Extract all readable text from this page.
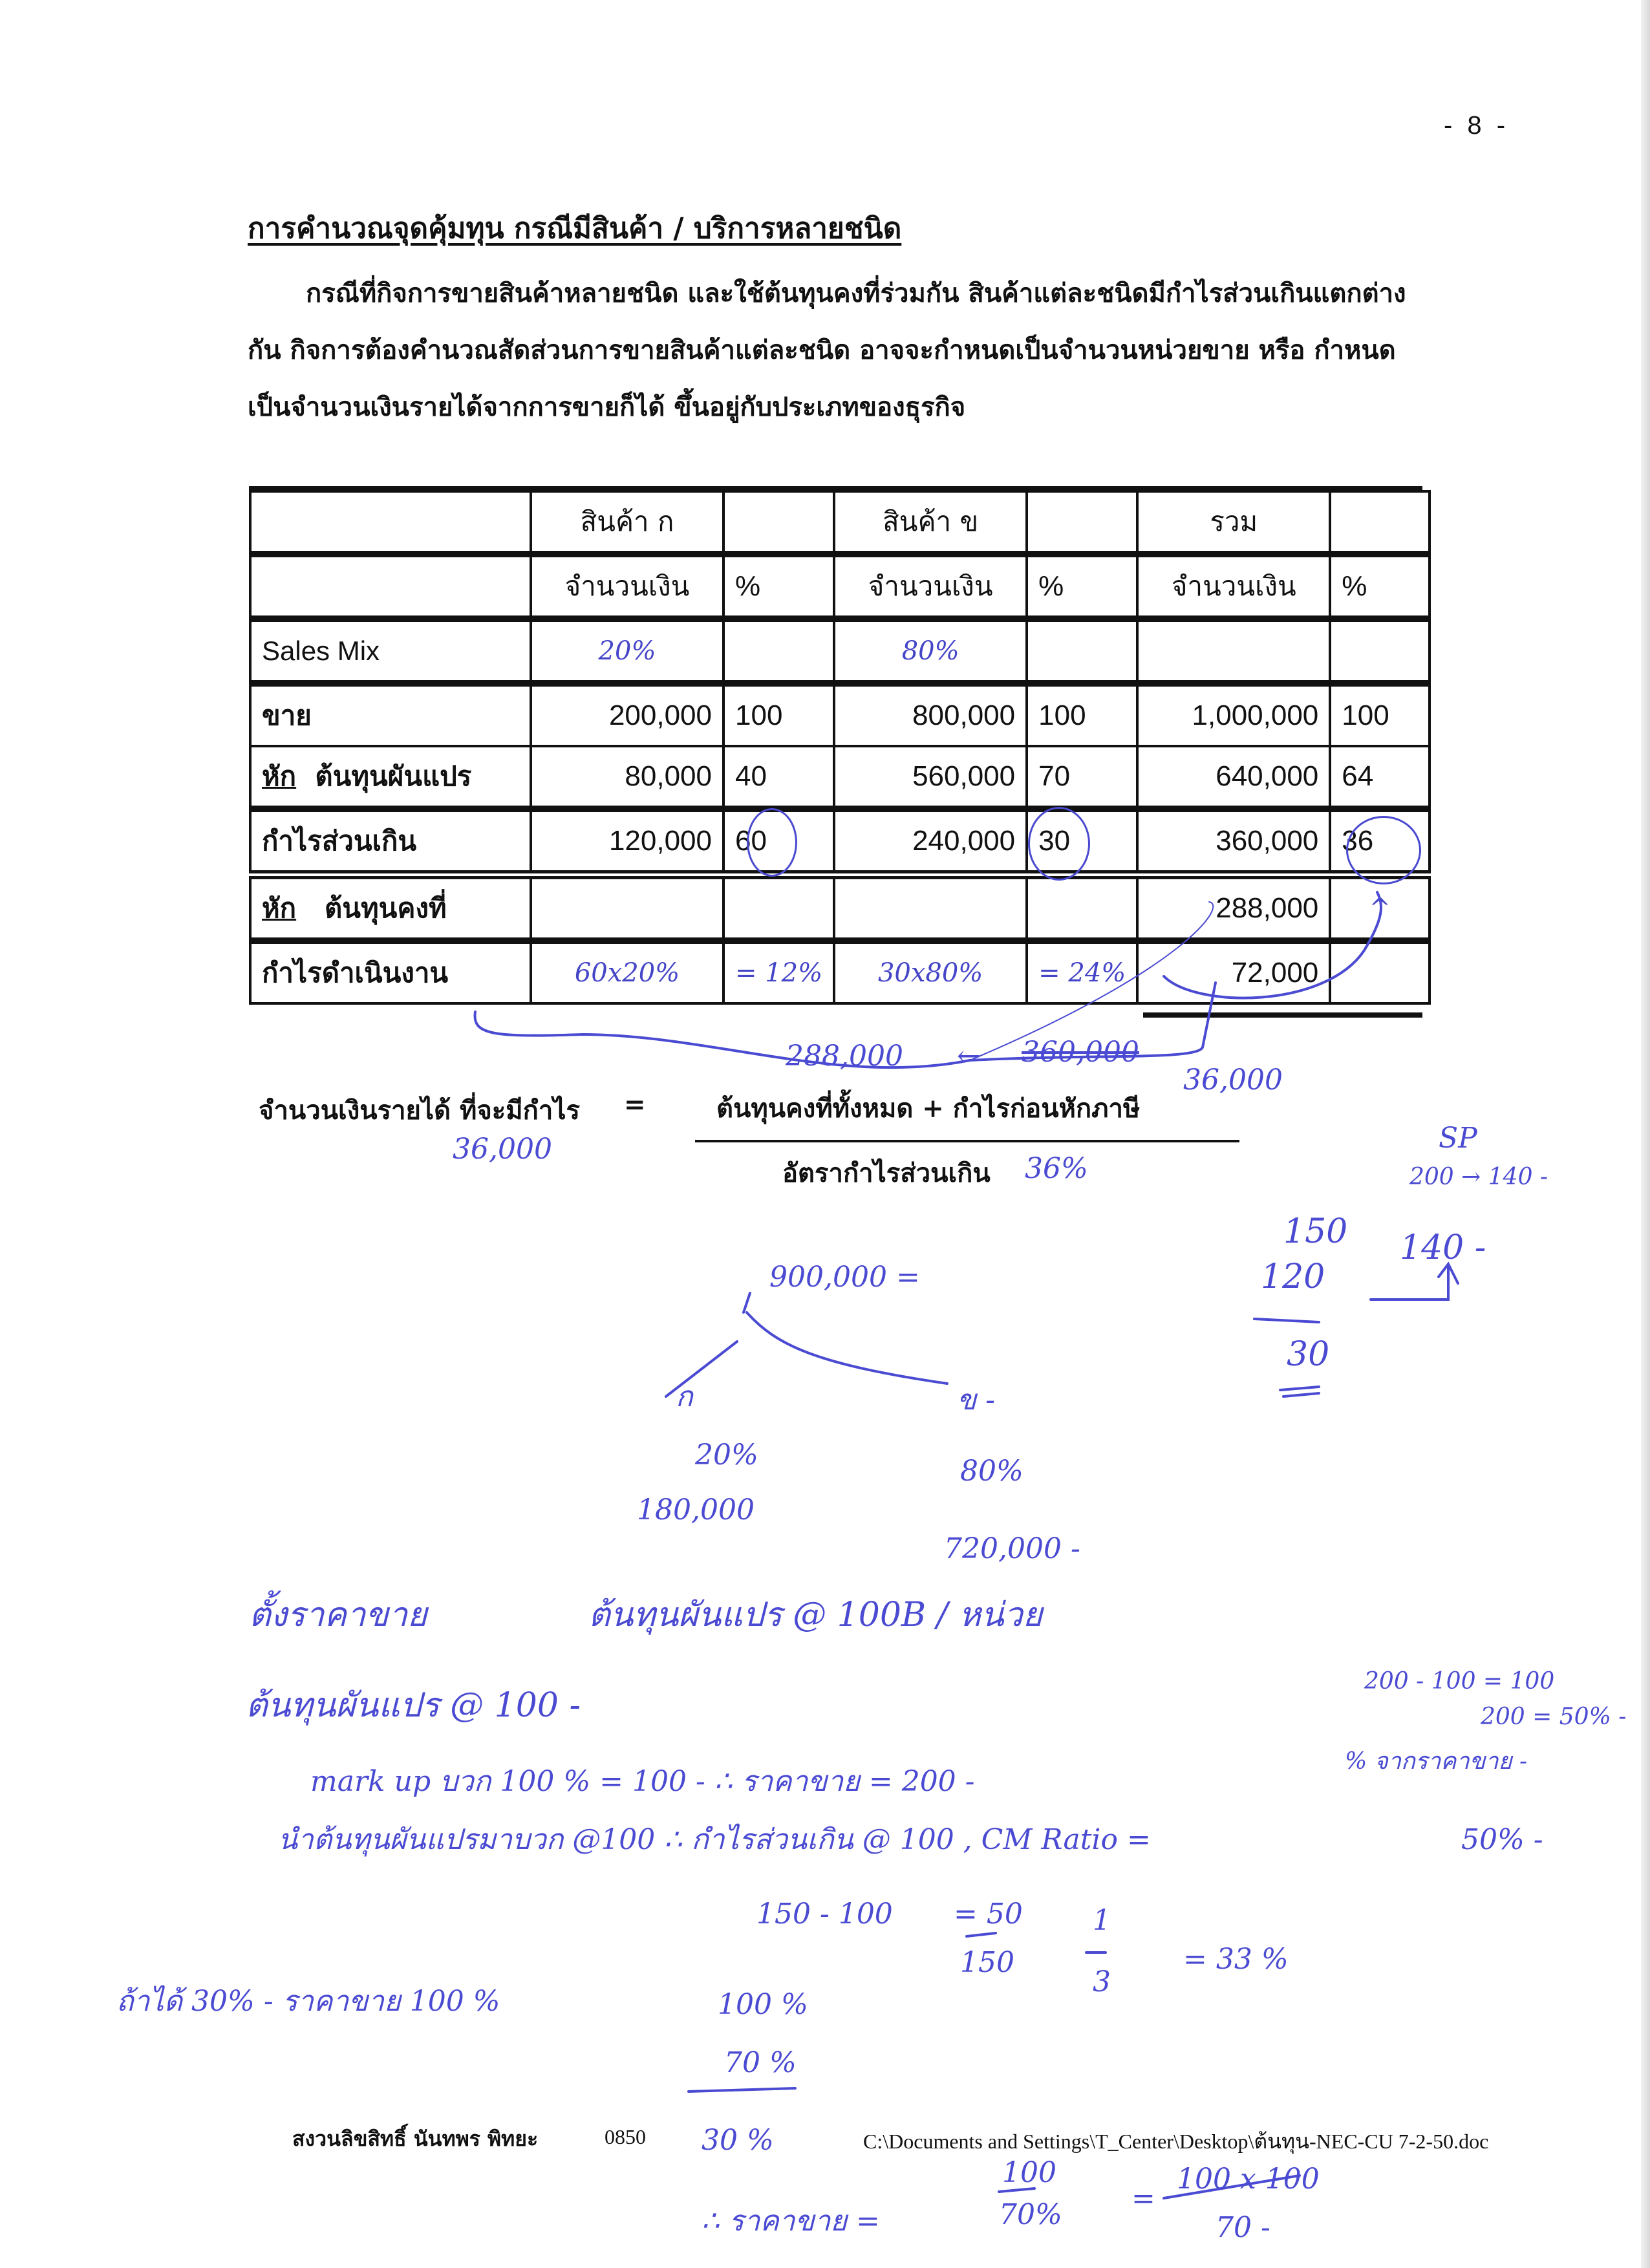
- 8 -
การคำนวณจุดคุ้มทุน กรณีมีสินค้า / บริการหลายชนิด
กรณีที่กิจการขายสินค้าหลายชนิด และใช้ต้นทุนคงที่ร่วมกัน สินค้าแต่ละชนิดมีกำไรส่วนเกินแตกต่างกัน กิจการต้องคำนวณสัดส่วนการขายสินค้าแต่ละชนิด อาจจะกำหนดเป็นจำนวนหน่วยขาย หรือ กำหนดเป็นจำนวนเงินรายได้จากการขายก็ได้ ขึ้นอยู่กับประเภทของธุรกิจ
	สินค้า ก		สินค้า ข		รวม	
	จำนวนเงิน	%	จำนวนเงิน	%	จำนวนเงิน	%
Sales Mix	20%		80%			
ขาย	200,000	100	800,000	100	1,000,000	100
หัก ต้นทุนผันแปร	80,000	40	560,000	70	640,000	64
กำไรส่วนเกิน	120,000	60	240,000	30	360,000	36
หัก ต้นทุนคงที่					288,000	^
กำไรดำเนินงาน	60x20%	= 12%	30x80%	= 24%	72,000	
จำนวนเงินรายได้ ที่จะมีกำไร =	ต้นทุนคงที่ทั้งหมด + กำไรก่อนหักภาษี
อัตรากำไรส่วนเกิน
288,000 ← 360,000
36,000
36,000
36%
SP
200 → 140 -
150
120
30
140 -
900,000 =
ก	ข -
20%	80%
180,000
720,000 -
ตั้งราคาขาย	ต้นทุนผันแปร @ 100B / หน่วย
ต้นทุนผันแปร @ 100 -
mark up บวก 100 % = 100 - ∴ ราคาขาย = 200 -
นำต้นทุนผันแปรมาบวก @100 ∴ กำไรส่วนเกิน @ 100 , CM Ratio =	50% -
200 - 100 = 100
200 = 50% -
% จากราคาขาย -
150 - 100 = 50
150
1
3
= 33 %
ถ้าได้ 30% - ราคาขาย 100 %	100 %
70 %
30 %
∴ ราคาขาย =
100
70% =
100 x 100
70 -
สงวนลิขสิทธิ์ นันทพร พิทยะ	0850	C:\Documents and Settings\T_Center\Desktop\ต้นทุน-NEC-CU 7-2-50.doc
